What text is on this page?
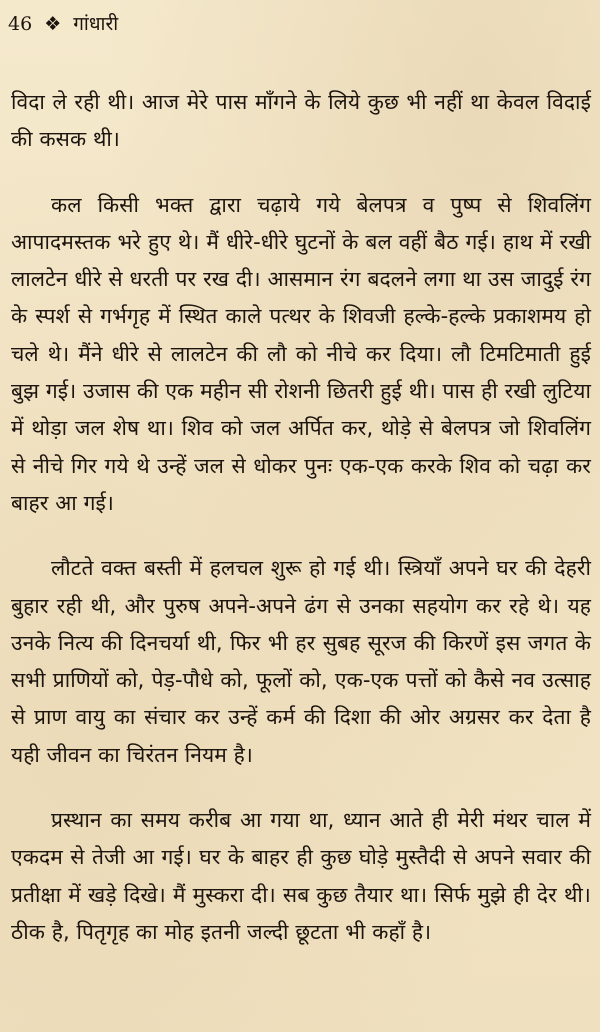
46 ❖ गांधारी

विदा ले रही थी। आज मेरे पास माँगने के लिये कुछ भी नहीं था केवल विदाई की कसक थी।

कल किसी भक्त द्वारा चढ़ाये गये बेलपत्र व पुष्प से शिवलिंग आपादमस्तक भरे हुए थे। मैं धीरे-धीरे घुटनों के बल वहीं बैठ गई। हाथ में रखी लालटेन धीरे से धरती पर रख दी। आसमान रंग बदलने लगा था उस जादुई रंग के स्पर्श से गर्भगृह में स्थित काले पत्थर के शिवजी हल्के-हल्के प्रकाशमय हो चले थे। मैंने धीरे से लालटेन की लौ को नीचे कर दिया। लौ टिमटिमाती हुई बुझ गई। उजास की एक महीन सी रोशनी छितरी हुई थी। पास ही रखी लुटिया में थोड़ा जल शेष था। शिव को जल अर्पित कर, थोड़े से बेलपत्र जो शिवलिंग से नीचे गिर गये थे उन्हें जल से धोकर पुनः एक-एक करके शिव को चढ़ा कर बाहर आ गई।

लौटते वक्त बस्ती में हलचल शुरू हो गई थी। स्त्रियाँ अपने घर की देहरी बुहार रही थी, और पुरुष अपने-अपने ढंग से उनका सहयोग कर रहे थे। यह उनके नित्य की दिनचर्या थी, फिर भी हर सुबह सूरज की किरणें इस जगत के सभी प्राणियों को, पेड़-पौधे को, फूलों को, एक-एक पत्तों को कैसे नव उत्साह से प्राण वायु का संचार कर उन्हें कर्म की दिशा की ओर अग्रसर कर देता है यही जीवन का चिरंतन नियम है।

प्रस्थान का समय करीब आ गया था, ध्यान आते ही मेरी मंथर चाल में एकदम से तेजी आ गई। घर के बाहर ही कुछ घोड़े मुस्तैदी से अपने सवार की प्रतीक्षा में खड़े दिखे। मैं मुस्करा दी। सब कुछ तैयार था। सिर्फ मुझे ही देर थी। ठीक है, पितृगृह का मोह इतनी जल्दी छूटता भी कहाँ है।
